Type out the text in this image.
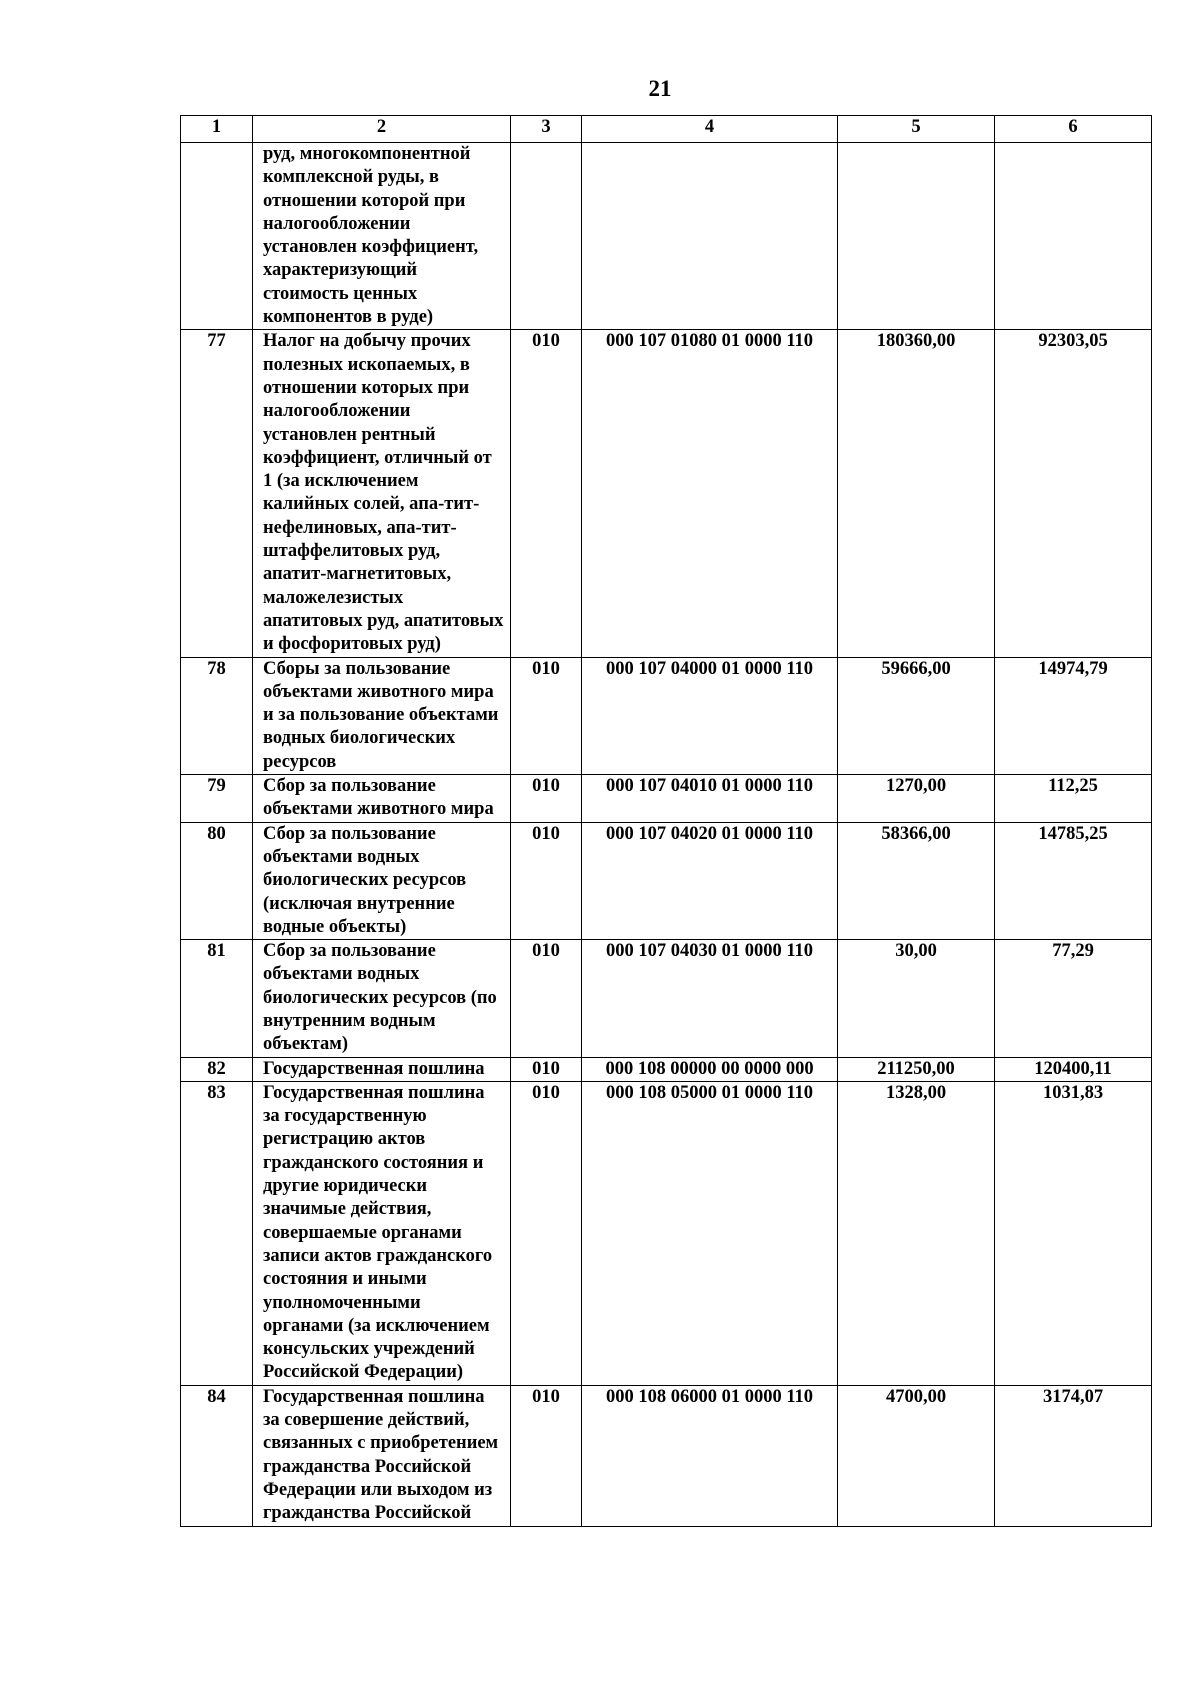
21
1	2	3	4	5	6
	руд, многокомпонентной комплексной руды, в отношении которой при налогообложении установлен коэффициент, характеризующий стоимость ценных компонентов в руде)				
77	Налог на добычу прочих полезных ископаемых, в отношении которых при налогообложении установлен рентный коэффициент, отличный от 1 (за исключением калийных солей, апа-тит-нефелиновых, апа-тит-штаффелитовых руд, апатит-магнетитовых, маложелезистых апатитовых руд, апатитовых и фосфоритовых руд)	010	000 107 01080 01 0000 110	180360,00	92303,05
78	Сборы за пользование объектами животного мира и за пользование объектами водных биологических ресурсов	010	000 107 04000 01 0000 110	59666,00	14974,79
79	Сбор за пользование объектами животного мира	010	000 107 04010 01 0000 110	1270,00	112,25
80	Сбор за пользование объектами водных биологических ресурсов (исключая внутренние водные объекты)	010	000 107 04020 01 0000 110	58366,00	14785,25
81	Сбор за пользование объектами водных биологических ресурсов (по внутренним водным объектам)	010	000 107 04030 01 0000 110	30,00	77,29
82	Государственная пошлина	010	000 108 00000 00 0000 000	211250,00	120400,11
83	Государственная пошлина за государственную регистрацию актов гражданского состояния и другие юридически значимые действия, совершаемые органами записи актов гражданского состояния и иными уполномоченными органами (за исключением консульских учреждений Российской Федерации)	010	000 108 05000 01 0000 110	1328,00	1031,83
84	Государственная пошлина за совершение действий, связанных с приобретением гражданства Российской Федерации или выходом из гражданства Российской	010	000 108 06000 01 0000 110	4700,00	3174,07
